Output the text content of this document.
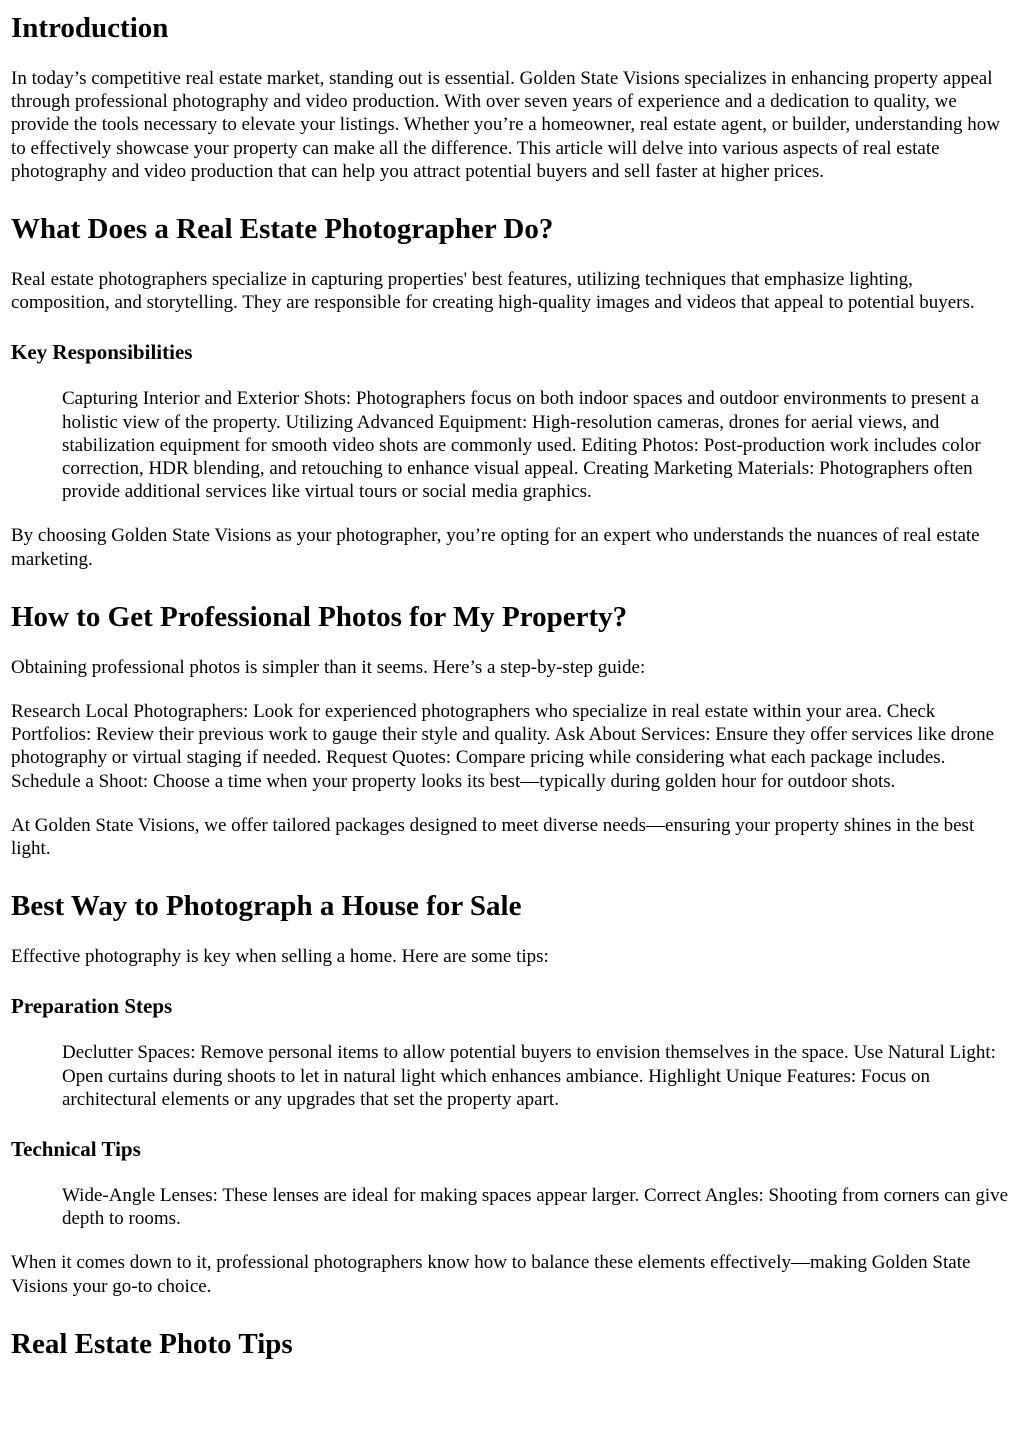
Introduction

In today’s competitive real estate market, standing out is essential. Golden State Visions specializes in enhancing property appeal through professional photography and video production. With over seven years of experience and a dedication to quality, we provide the tools necessary to elevate your listings. Whether you’re a homeowner, real estate agent, or builder, understanding how to effectively showcase your property can make all the difference. This article will delve into various aspects of real estate photography and video production that can help you attract potential buyers and sell faster at higher prices.

What Does a Real Estate Photographer Do?

Real estate photographers specialize in capturing properties' best features, utilizing techniques that emphasize lighting, composition, and storytelling. They are responsible for creating high-quality images and videos that appeal to potential buyers.

Key Responsibilities
Capturing Interior and Exterior Shots: Photographers focus on both indoor spaces and outdoor environments to present a holistic view of the property. Utilizing Advanced Equipment: High-resolution cameras, drones for aerial views, and stabilization equipment for smooth video shots are commonly used. Editing Photos: Post-production work includes color correction, HDR blending, and retouching to enhance visual appeal. Creating Marketing Materials: Photographers often provide additional services like virtual tours or social media graphics.

By choosing Golden State Visions as your photographer, you’re opting for an expert who understands the nuances of real estate marketing.

How to Get Professional Photos for My Property?

Obtaining professional photos is simpler than it seems. Here’s a step-by-step guide:

Research Local Photographers: Look for experienced photographers who specialize in real estate within your area. Check Portfolios: Review their previous work to gauge their style and quality. Ask About Services: Ensure they offer services like drone photography or virtual staging if needed. Request Quotes: Compare pricing while considering what each package includes. Schedule a Shoot: Choose a time when your property looks its best—typically during golden hour for outdoor shots.

At Golden State Visions, we offer tailored packages designed to meet diverse needs—ensuring your property shines in the best light.

Best Way to Photograph a House for Sale

Effective photography is key when selling a home. Here are some tips:

Preparation Steps
Declutter Spaces: Remove personal items to allow potential buyers to envision themselves in the space. Use Natural Light: Open curtains during shoots to let in natural light which enhances ambiance. Highlight Unique Features: Focus on architectural elements or any upgrades that set the property apart.
Technical Tips
Wide-Angle Lenses: These lenses are ideal for making spaces appear larger. Correct Angles: Shooting from corners can give depth to rooms.

When it comes down to it, professional photographers know how to balance these elements effectively—making Golden State Visions your go-to choice.

Real Estate Photo Tips
